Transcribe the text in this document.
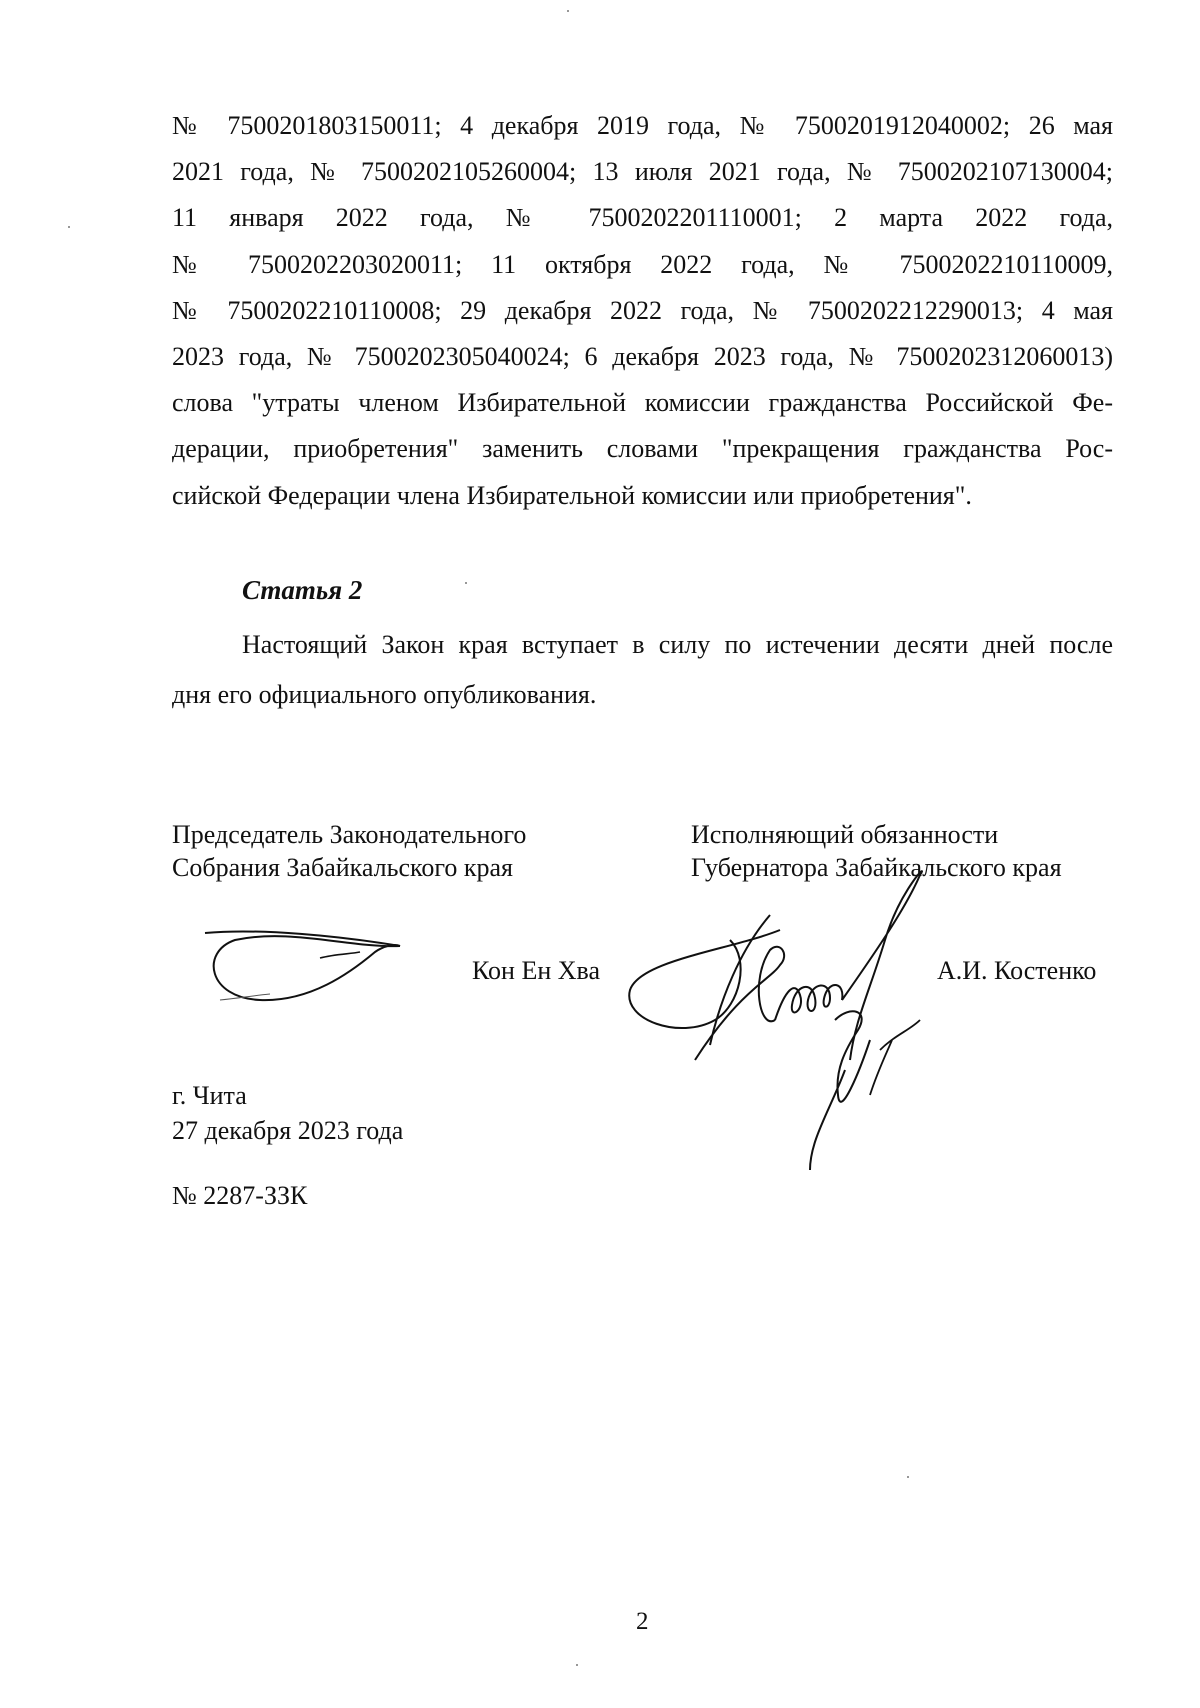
№ 7500201803150011; 4 декабря 2019 года, № 7500201912040002; 26 мая
2021 года, № 7500202105260004; 13 июля 2021 года, № 7500202107130004;
11 января 2022 года, № 7500202201110001; 2 марта 2022 года,
№ 7500202203020011; 11 октября 2022 года, № 7500202210110009,
№ 7500202210110008; 29 декабря 2022 года, № 7500202212290013; 4 мая
2023 года, № 7500202305040024; 6 декабря 2023 года, № 7500202312060013)
слова "утраты членом Избирательной комиссии гражданства Российской Фе-
дерации, приобретения" заменить словами "прекращения гражданства Рос-
сийской Федерации члена Избирательной комиссии или приобретения".
Статья 2
Настоящий Закон края вступает в силу по истечении десяти дней после
дня его официального опубликования.
Председатель Законодательного
Собрания Забайкальского края
Исполняющий обязанности
Губернатора Забайкальского края
Кон Ен Хва	А.И. Костенко
г. Чита
27 декабря 2023 года
№ 2287-ЗЗК
2
